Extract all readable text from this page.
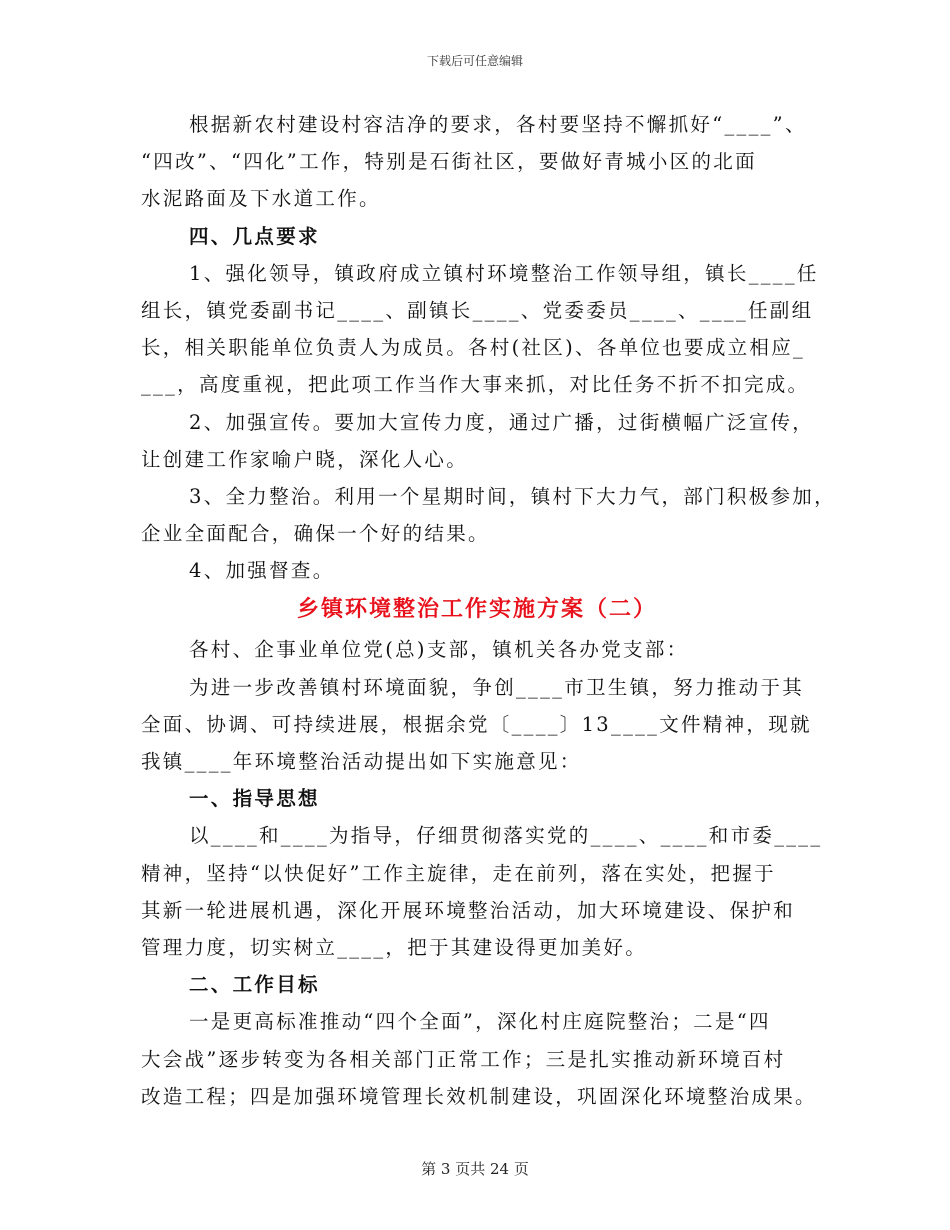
下载后可任意编辑
根据新农村建设村容洁净的要求，各村要坚持不懈抓好“____”、
“四改”、“四化”工作，特别是石街社区，要做好青城小区的北面
水泥路面及下水道工作。
四、几点要求
1、强化领导，镇政府成立镇村环境整治工作领导组，镇长____任
组长，镇党委副书记____、副镇长____、党委委员____、____任副组
长，相关职能单位负责人为成员。各村(社区)、各单位也要成立相应_
___，高度重视，把此项工作当作大事来抓，对比任务不折不扣完成。
2、加强宣传。要加大宣传力度，通过广播，过街横幅广泛宣传，
让创建工作家喻户晓，深化人心。
3、全力整治。利用一个星期时间，镇村下大力气，部门积极参加，
企业全面配合，确保一个好的结果。
4、加强督查。
乡镇环境整治工作实施方案（二）
各村、企事业单位党(总)支部，镇机关各办党支部：
为进一步改善镇村环境面貌，争创____市卫生镇，努力推动于其
全面、协调、可持续进展，根据余党〔____〕13____文件精神，现就
我镇____年环境整治活动提出如下实施意见：
一、指导思想
以____和____为指导，仔细贯彻落实党的____、____和市委____
精神，坚持“以快促好”工作主旋律，走在前列，落在实处，把握于
其新一轮进展机遇，深化开展环境整治活动，加大环境建设、保护和
管理力度，切实树立____，把于其建设得更加美好。
二、工作目标
一是更高标准推动“四个全面”，深化村庄庭院整治；二是“四
大会战”逐步转变为各相关部门正常工作；三是扎实推动新环境百村
改造工程；四是加强环境管理长效机制建设，巩固深化环境整治成果。
第 3 页共 24 页
